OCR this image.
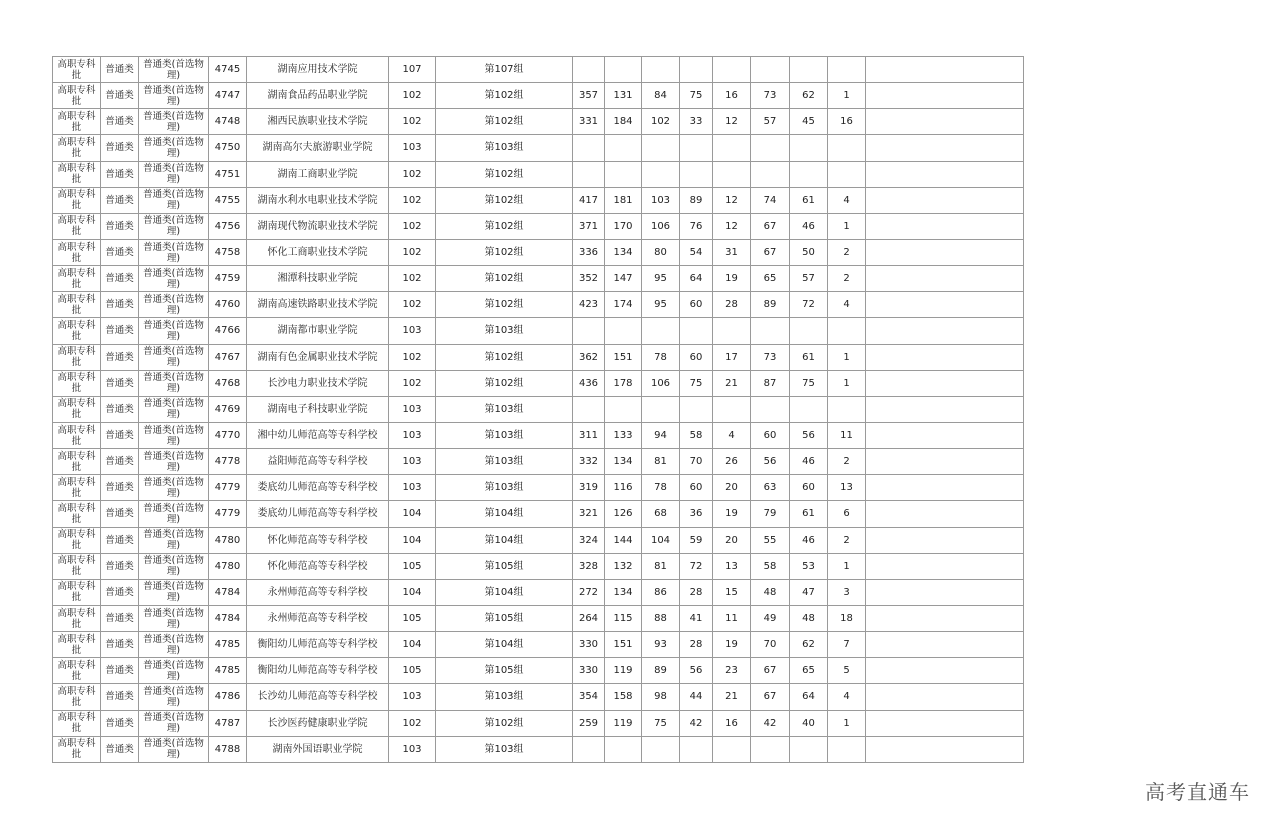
高职专科批	普通类	普通类(首选物理)	4745	湖南应用技术学院	107	第107组									
高职专科批	普通类	普通类(首选物理)	4747	湖南食品药品职业学院	102	第102组	357	131	84	75	16	73	62	1	
高职专科批	普通类	普通类(首选物理)	4748	湘西民族职业技术学院	102	第102组	331	184	102	33	12	57	45	16	
高职专科批	普通类	普通类(首选物理)	4750	湖南高尔夫旅游职业学院	103	第103组									
高职专科批	普通类	普通类(首选物理)	4751	湖南工商职业学院	102	第102组									
高职专科批	普通类	普通类(首选物理)	4755	湖南水利水电职业技术学院	102	第102组	417	181	103	89	12	74	61	4	
高职专科批	普通类	普通类(首选物理)	4756	湖南现代物流职业技术学院	102	第102组	371	170	106	76	12	67	46	1	
高职专科批	普通类	普通类(首选物理)	4758	怀化工商职业技术学院	102	第102组	336	134	80	54	31	67	50	2	
高职专科批	普通类	普通类(首选物理)	4759	湘潭科技职业学院	102	第102组	352	147	95	64	19	65	57	2	
高职专科批	普通类	普通类(首选物理)	4760	湖南高速铁路职业技术学院	102	第102组	423	174	95	60	28	89	72	4	
高职专科批	普通类	普通类(首选物理)	4766	湖南都市职业学院	103	第103组									
高职专科批	普通类	普通类(首选物理)	4767	湖南有色金属职业技术学院	102	第102组	362	151	78	60	17	73	61	1	
高职专科批	普通类	普通类(首选物理)	4768	长沙电力职业技术学院	102	第102组	436	178	106	75	21	87	75	1	
高职专科批	普通类	普通类(首选物理)	4769	湖南电子科技职业学院	103	第103组									
高职专科批	普通类	普通类(首选物理)	4770	湘中幼儿师范高等专科学校	103	第103组	311	133	94	58	4	60	56	11	
高职专科批	普通类	普通类(首选物理)	4778	益阳师范高等专科学校	103	第103组	332	134	81	70	26	56	46	2	
高职专科批	普通类	普通类(首选物理)	4779	娄底幼儿师范高等专科学校	103	第103组	319	116	78	60	20	63	60	13	
高职专科批	普通类	普通类(首选物理)	4779	娄底幼儿师范高等专科学校	104	第104组	321	126	68	36	19	79	61	6	
高职专科批	普通类	普通类(首选物理)	4780	怀化师范高等专科学校	104	第104组	324	144	104	59	20	55	46	2	
高职专科批	普通类	普通类(首选物理)	4780	怀化师范高等专科学校	105	第105组	328	132	81	72	13	58	53	1	
高职专科批	普通类	普通类(首选物理)	4784	永州师范高等专科学校	104	第104组	272	134	86	28	15	48	47	3	
高职专科批	普通类	普通类(首选物理)	4784	永州师范高等专科学校	105	第105组	264	115	88	41	11	49	48	18	
高职专科批	普通类	普通类(首选物理)	4785	衡阳幼儿师范高等专科学校	104	第104组	330	151	93	28	19	70	62	7	
高职专科批	普通类	普通类(首选物理)	4785	衡阳幼儿师范高等专科学校	105	第105组	330	119	89	56	23	67	65	5	
高职专科批	普通类	普通类(首选物理)	4786	长沙幼儿师范高等专科学校	103	第103组	354	158	98	44	21	67	64	4	
高职专科批	普通类	普通类(首选物理)	4787	长沙医药健康职业学院	102	第102组	259	119	75	42	16	42	40	1	
高职专科批	普通类	普通类(首选物理)	4788	湖南外国语职业学院	103	第103组									
高考直通车
